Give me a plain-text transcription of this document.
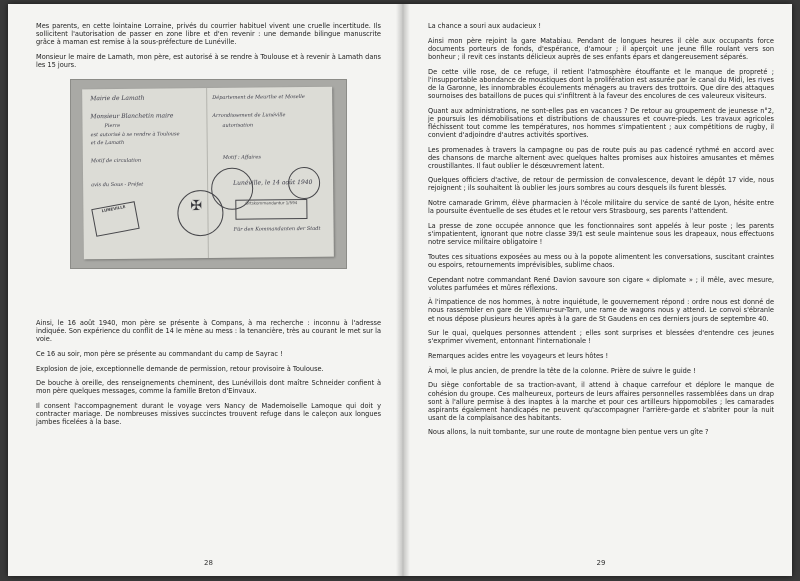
Mes parents, en cette lointaine Lorraine, privés du courrier habituel vivent une cruelle incertitude. Ils sollicitent l'autorisation de passer en zone libre et d'en revenir : une demande bilingue manuscrite grâce à maman est remise à la sous-préfecture de Lunéville.

Monsieur le maire de Lamath, mon père, est autorisé à se rendre à Toulouse et à revenir à Lamath dans les 15 jours.

Mairie de Lamath
Monsieur Blanchetin maire
Pierre
est autorisé à se rendre à Toulouse
et de Lamath
Motif de circulation
avis du Sous - Préfet
Département de Meurthe et Moselle
Arrondissement de Lunéville
autorisation
Motif : Affaires
Lunéville, le 14 août 1940
Für den Kommandanten der Stadt
LUNEVILLE	✠	Ortskommandantur 1/594

Ainsi, le 16 août 1940, mon père se présente à Compans, à ma recherche : inconnu à l'adresse indiquée. Son expérience du conflit de 14 le mène au mess : la tenancière, très au courant le met sur la voie.

Ce 16 au soir, mon père se présente au commandant du camp de Sayrac !

Explosion de joie, exceptionnelle demande de permission, retour provisoire à Toulouse.

De bouche à oreille, des renseignements cheminent, des Lunévillois dont maître Schneider confient à mon père quelques messages, comme la famille Breton d'Einvaux.

Il consent l'accompagnement durant le voyage vers Nancy de Mademoiselle Lamoque qui doit y contracter mariage. De nombreuses missives succinctes trouvent refuge dans le caleçon aux longues jambes ficelées à la base.

28

La chance a souri aux audacieux !

Ainsi mon père rejoint la gare Matabiau. Pendant de longues heures il cèle aux occupants force documents porteurs de fonds, d'espérance, d'amour ; il aperçoit une jeune fille roulant vers son bonheur ; il revit ces instants délicieux auprès de ses enfants épars et dangereusement séparés.

De cette ville rose, de ce refuge, il retient l'atmosphère étouffante et le manque de propreté ; l'insupportable abondance de moustiques dont la prolifération est assurée par le canal du Midi, les rives de la Garonne, les innombrables écoulements ménagers au travers des trottoirs. Que dire des attaques sournoises des bataillons de puces qui s'infiltrent à la faveur des encolures de ces valeureux visiteurs.

Quant aux administrations, ne sont-elles pas en vacances ? De retour au groupement de jeunesse n°2, je poursuis les démobilisations et distributions de chaussures et couvre-pieds. Les travaux agricoles fléchissent tout comme les températures, nos hommes s'impatientent ; aux compétitions de rugby, il convient d'adjoindre d'autres activités sportives.

Les promenades à travers la campagne ou pas de route puis au pas cadencé rythmé en accord avec des chansons de marche alternent avec quelques haltes promises aux histoires amusantes et mêmes croustillantes. Il faut oublier le désœuvrement latent.

Quelques officiers d'active, de retour de permission de convalescence, devant le dépôt 17 vide, nous rejoignent ; ils souhaitent là oublier les jours sombres au cours desquels ils furent blessés.

Notre camarade Grimm, élève pharmacien à l'école militaire du service de santé de Lyon, hésite entre la poursuite éventuelle de ses études et le retour vers Strasbourg, ses parents l'attendent.

La presse de zone occupée annonce que les fonctionnaires sont appelés à leur poste ; les parents s'impatientent, ignorant que notre classe 39/1 est seule maintenue sous les drapeaux, nous effectuons notre service militaire obligatoire !

Toutes ces situations exposées au mess ou à la popote alimentent les conversations, suscitant craintes ou espoirs, retournements imprévisibles, sublime chaos.

Cependant notre commandant René Davion savoure son cigare « diplomate » ; il mêle, avec mesure, volutes parfumées et mûres réflexions.

À l'impatience de nos hommes, à notre inquiétude, le gouvernement répond : ordre nous est donné de nous rassembler en gare de Villemur-sur-Tarn, une rame de wagons nous y attend. Le convoi s'ébranle et nous dépose plusieurs heures après à la gare de St Gaudens en ces derniers jours de septembre 40.

Sur le quai, quelques personnes attendent ; elles sont surprises et blessées d'entendre ces jeunes s'exprimer vivement, entonnant l'internationale !

Remarques acides entre les voyageurs et leurs hôtes !

À moi, le plus ancien, de prendre la tête de la colonne. Prière de suivre le guide !

Du siège confortable de sa traction-avant, il attend à chaque carrefour et déplore le manque de cohésion du groupe. Ces malheureux, porteurs de leurs affaires personnelles rassemblées dans un drap sont à l'allure permise à des inaptes à la marche et pour ces artilleurs hippomobiles ; les camarades aspirants également handicapés ne peuvent qu'accompagner l'arrière-garde et s'abriter pour la nuit usant de la complaisance des habitants.

Nous allons, la nuit tombante, sur une route de montagne bien pentue vers un gîte ?

29
